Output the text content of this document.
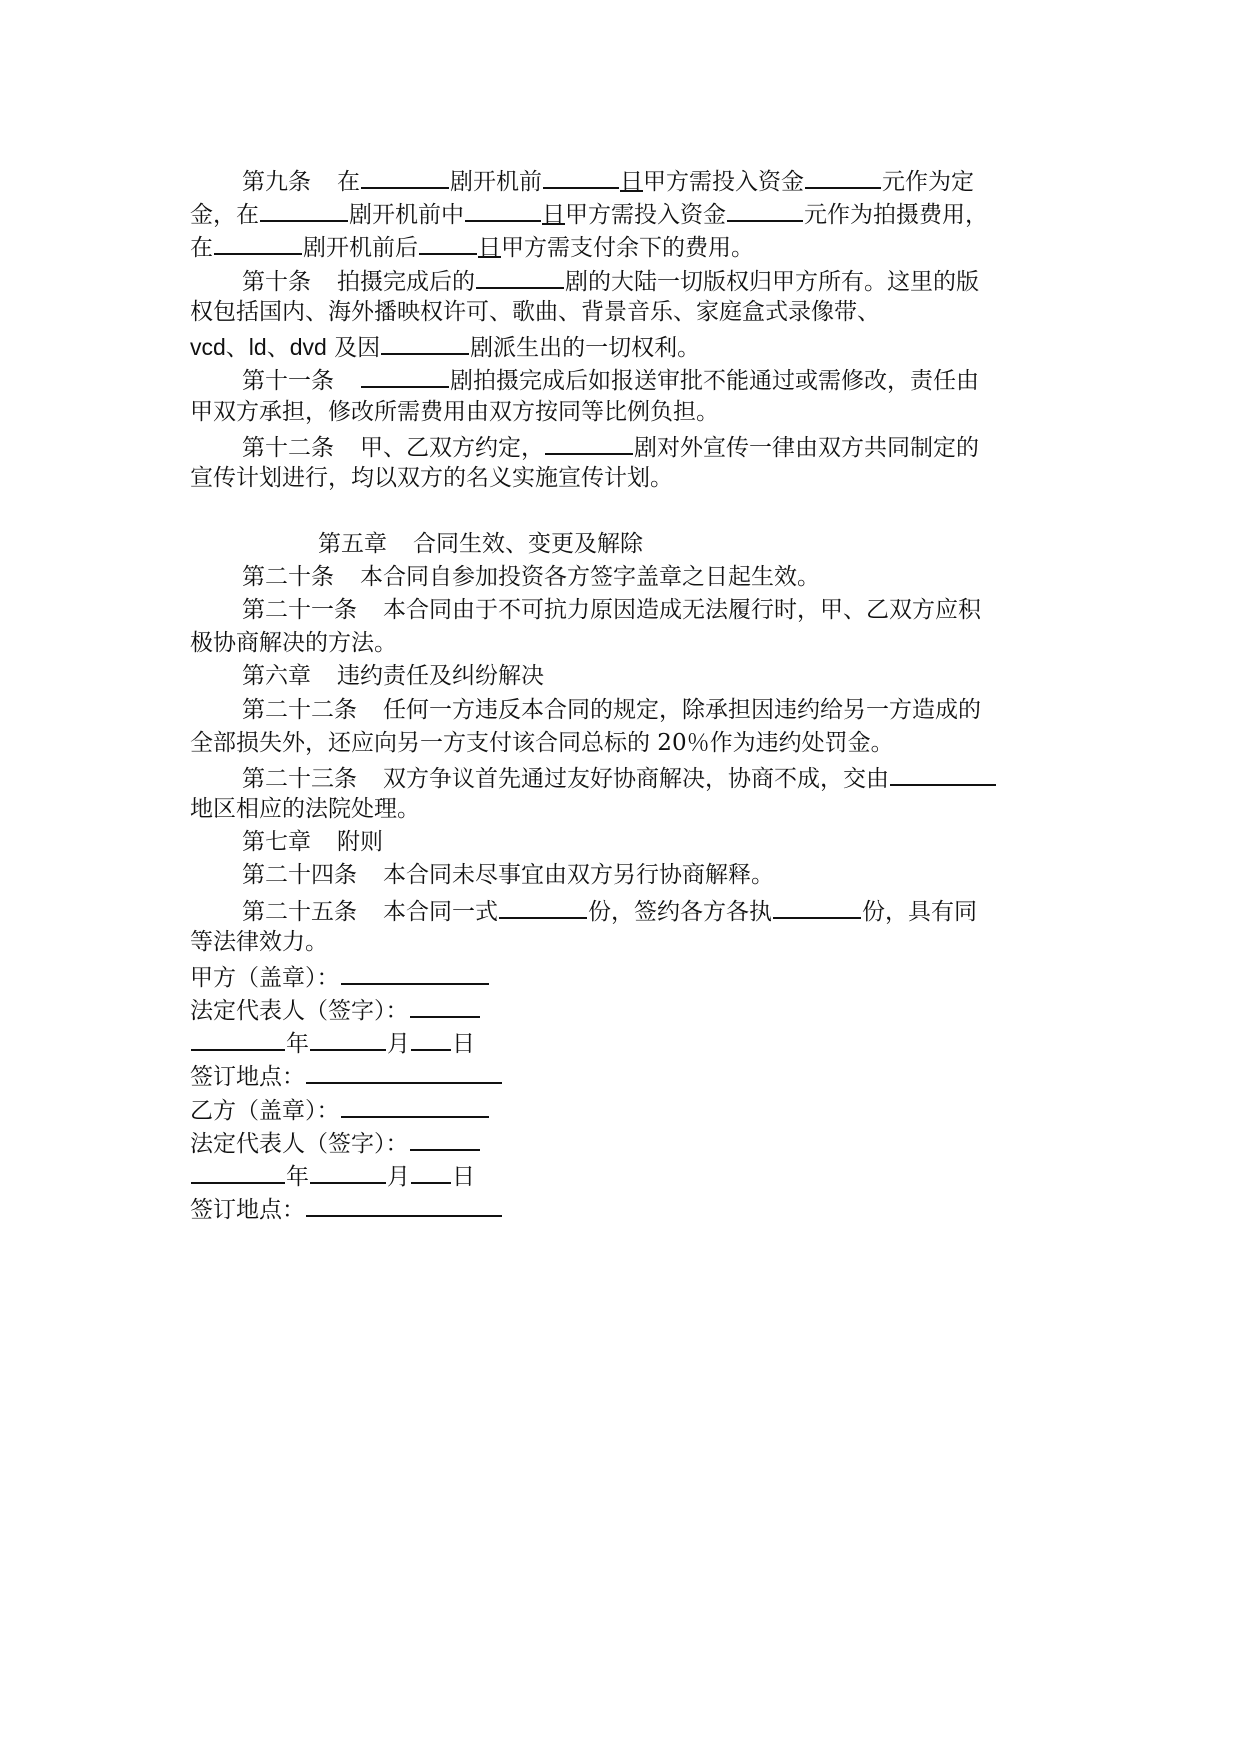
第九条 在	剧开机前	日甲方需投入资金	元作为定
金，在	剧开机前中	日甲方需投入资金	元作为拍摄费用，
在	剧开机前后	日甲方需支付余下的费用。
第十条 拍摄完成后的	剧的大陆一切版权归甲方所有。这里的版
权包括国内、海外播映权许可、歌曲、背景音乐、家庭盒式录像带、
vcd、ld、dvd 及因	剧派生出的一切权利。
第十一条	剧拍摄完成后如报送审批不能通过或需修改，责任由
甲双方承担，修改所需费用由双方按同等比例负担。
第十二条 甲、乙双方约定，	剧对外宣传一律由双方共同制定的
宣传计划进行，均以双方的名义实施宣传计划。
第五章 合同生效、变更及解除
第二十条 本合同自参加投资各方签字盖章之日起生效。
第二十一条 本合同由于不可抗力原因造成无法履行时，甲、乙双方应积
极协商解决的方法。
第六章 违约责任及纠纷解决
第二十二条 任何一方违反本合同的规定，除承担因违约给另一方造成的
全部损失外，还应向另一方支付该合同总标的 20％作为违约处罚金。
第二十三条 双方争议首先通过友好协商解决，协商不成，交由
地区相应的法院处理。
第七章 附则
第二十四条 本合同未尽事宜由双方另行协商解释。
第二十五条 本合同一式	份，签约各方各执	份，具有同
等法律效力。
甲方（盖章）：
法定代表人（签字）：
年	月 日
签订地点：
乙方（盖章）：
法定代表人（签字）：
年	月 日
签订地点：
